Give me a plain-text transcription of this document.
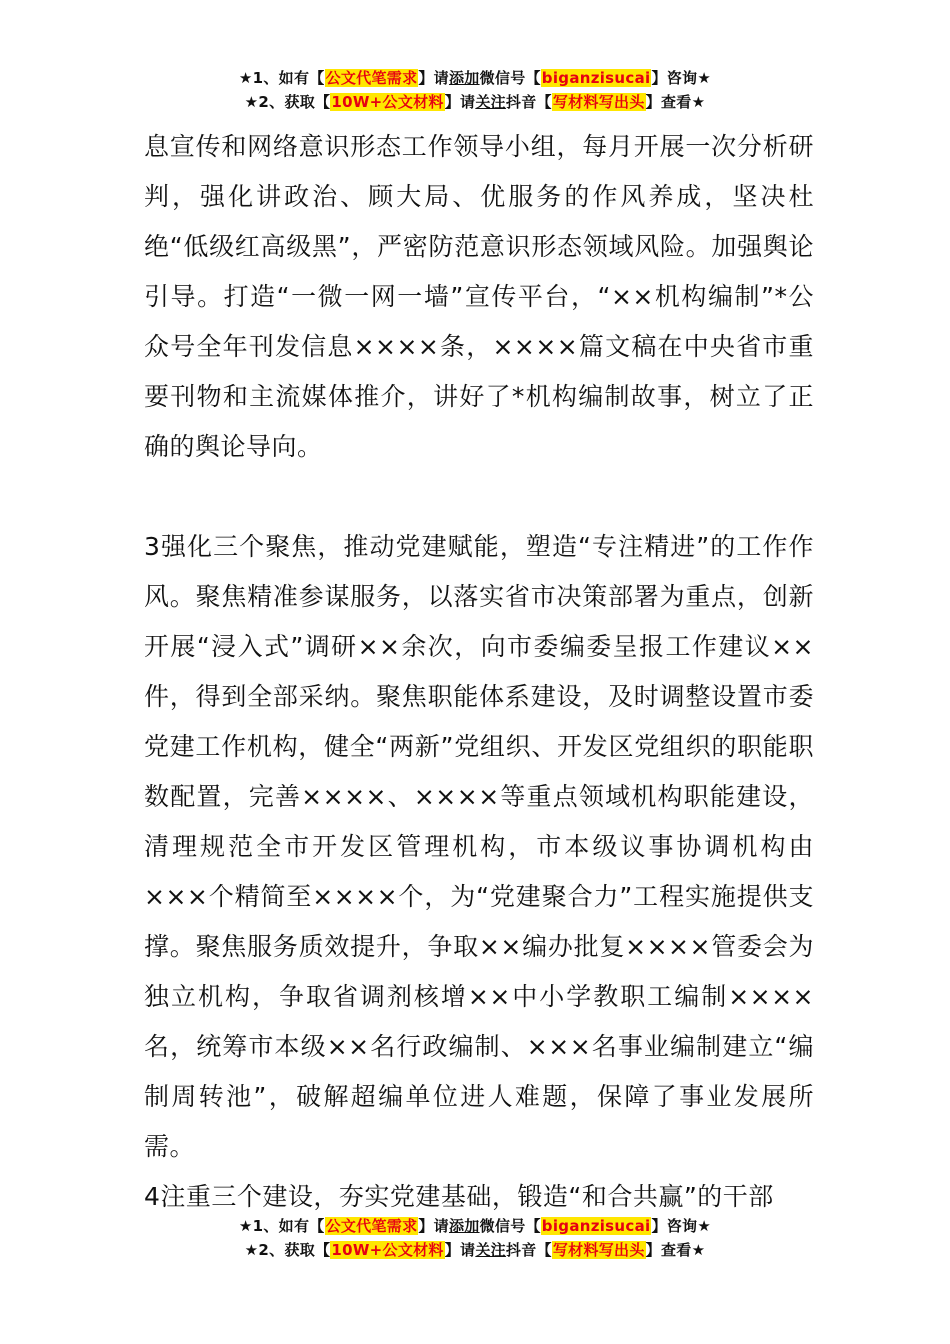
★1、如有【公文代笔需求】请添加微信号【biganzisucai】咨询★
★2、获取【10W+公文材料】请关注抖音【写材料写出头】查看★

息宣传和网络意识形态工作领导小组，每月开展一次分析研判，强化讲政治、顾大局、优服务的作风养成，坚决杜绝“低级红高级黑”，严密防范意识形态领域风险。加强舆论引导。打造“一微一网一墙”宣传平台，“××机构编制”*公众号全年刊发信息××××条，××××篇文稿在中央省市重要刊物和主流媒体推介，讲好了*机构编制故事，树立了正确的舆论导向。

3强化三个聚焦，推动党建赋能，塑造“专注精进”的工作作风。聚焦精准参谋服务，以落实省市决策部署为重点，创新开展“浸入式”调研××余次，向市委编委呈报工作建议××件，得到全部采纳。聚焦职能体系建设，及时调整设置市委党建工作机构，健全“两新”党组织、开发区党组织的职能职数配置，完善××××、××××等重点领域机构职能建设，清理规范全市开发区管理机构，市本级议事协调机构由×××个精简至××××个，为“党建聚合力”工程实施提供支撑。聚焦服务质效提升，争取××编办批复××××管委会为独立机构，争取省调剂核增××中小学教职工编制××××名，统筹市本级××名行政编制、×××名事业编制建立“编制周转池”，破解超编单位进人难题，保障了事业发展所需。

4注重三个建设，夯实党建基础，锻造“和合共赢”的干部

★1、如有【公文代笔需求】请添加微信号【biganzisucai】咨询★
★2、获取【10W+公文材料】请关注抖音【写材料写出头】查看★
